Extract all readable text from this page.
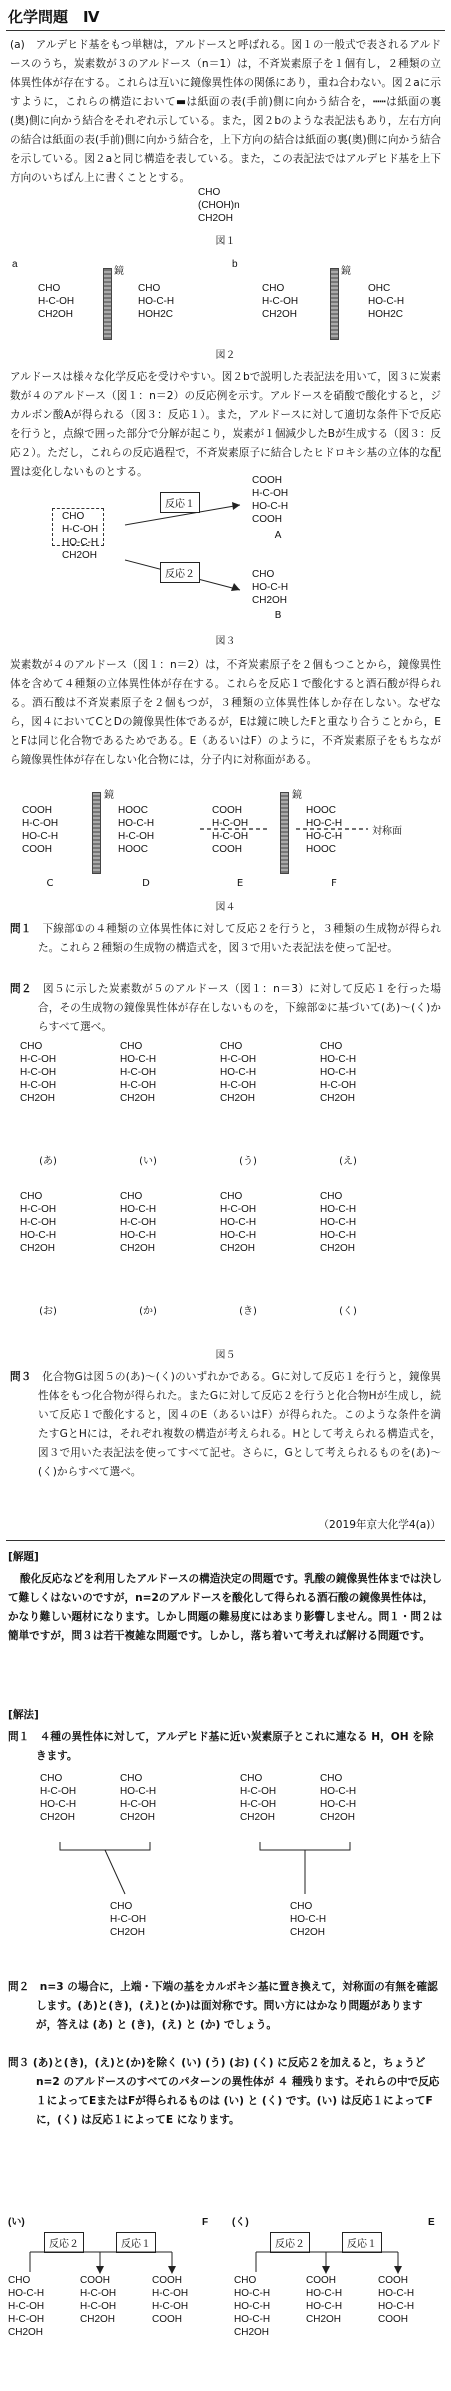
化学問題　Ⅳ
(a)　アルデヒド基をもつ単糖は，アルドースと呼ばれる。図１の一般式で表されるアルドースのうち，炭素数が３のアルドース（n＝1）は，不斉炭素原子を１個有し，２種類の立体異性体が存在する。これらは互いに鏡像異性体の関係にあり，重ね合わない。図２aに示すように，これらの構造において▬は紙面の表(手前)側に向かう結合を，┅┅は紙面の裏(奥)側に向かう結合をそれぞれ示している。また，図２bのような表記法もあり，左右方向の結合は紙面の表(手前)側に向かう結合を，上下方向の結合は紙面の裏(奥)側に向かう結合を示している。図２aと同じ構造を表している。また，この表記法ではアルデヒド基を上下方向のいちばん上に書くこととする。
CHO
(CHOH)n
CH2OH
図１
a	b
CHO
H-C-OH
CH2OH
鏡
CHO
HO-C-H
HOH2C
CHO
H-C-OH
CH2OH
鏡
OHC
HO-C-H
HOH2C
図２
アルドースは様々な化学反応を受けやすい。図２bで説明した表記法を用いて，図３に炭素数が４のアルドース（図１：n＝2）の反応例を示す。アルドースを硝酸で酸化すると，ジカルボン酸Aが得られる（図３：反応１）。また，アルドースに対して適切な条件下で反応を行うと，点線で囲った部分で分解が起こり，炭素が１個減少したBが生成する（図３：反応２）。ただし，これらの反応過程で，不斉炭素原子に結合したヒドロキシ基の立体的な配置は変化しないものとする。
CHO
H-C-OH
HO-C-H
CH2OH
反応１
反応２
COOH
H-C-OH
HO-C-H
COOH
A
CHO
HO-C-H
CH2OH
B
図３
炭素数が４のアルドース（図１：n＝2）は，不斉炭素原子を２個もつことから，鏡像異性体を含めて４種類の立体異性体が存在する。これらを反応１で酸化すると酒石酸が得られる。酒石酸は不斉炭素原子を２個もつが，３種類の立体異性体しか存在しない。なぜなら，図４においてCとDの鏡像異性体であるが，Eは鏡に映したFと重なり合うことから，EとFは同じ化合物であるためである。E（あるいはF）のように，不斉炭素原子をもちながら鏡像異性体が存在しない化合物には，分子内に対称面がある。
COOH
H-C-OH
HO-C-H
COOH
鏡
HOOC
HO-C-H
H-C-OH
HOOC
COOH
H-C-OH
H-C-OH
COOH
鏡
HOOC
HO-C-H
HO-C-H
HOOC
対称面
C	D	E	F
図４
問１　 下線部①の４種類の立体異性体に対して反応２を行うと，３種類の生成物が得られた。これら２種類の生成物の構造式を，図３で用いた表記法を使って記せ。
問２　 図５に示した炭素数が５のアルドース（図１：n＝3）に対して反応１を行った場合，その生成物の鏡像異性体が存在しないものを，下線部②に基づいて(あ)～(く)からすべて選べ。
CHO
H-C-OH
H-C-OH
H-C-OH
CH2OH
(あ)
CHO
HO-C-H
H-C-OH
H-C-OH
CH2OH
(い)
CHO
H-C-OH
HO-C-H
H-C-OH
CH2OH
(う)
CHO
HO-C-H
HO-C-H
H-C-OH
CH2OH
(え)
CHO
H-C-OH
H-C-OH
HO-C-H
CH2OH
(お)
CHO
HO-C-H
H-C-OH
HO-C-H
CH2OH
(か)
CHO
H-C-OH
HO-C-H
HO-C-H
CH2OH
(き)
CHO
HO-C-H
HO-C-H
HO-C-H
CH2OH
(く)
図５
問３　 化合物Gは図５の(あ)～(く)のいずれかである。Gに対して反応１を行うと，鏡像異性体をもつ化合物が得られた。またGに対して反応２を行うと化合物Hが生成し，続いて反応１で酸化すると，図４のE（あるいはF）が得られた。このような条件を満たすGとHには，それぞれ複数の構造が考えられる。Hとして考えられる構造式を，図３で用いた表記法を使ってすべて記せ。さらに，Gとして考えられるものを(あ)～(く)からすべて選べ。
（2019年京大化学4(a)）
[解題]
酸化反応などを利用したアルドースの構造決定の問題です。乳酸の鏡像異性体までは決して難しくはないのですが，n=2のアルドースを酸化して得られる酒石酸の鏡像異性体は，かなり難しい題材になります。しかし問題の難易度にはあまり影響しません。問１・問２は簡単ですが，問３は若干複雑な問題です。しかし，落ち着いて考えれば解ける問題です。
[解法]
問１　４種の異性体に対して，アルデヒド基に近い炭素原子とこれに連なる H，OH を除きます。
CHO
H-C-OH
HO-C-H
CH2OH
CHO
HO-C-H
H-C-OH
CH2OH
CHO
H-C-OH
H-C-OH
CH2OH
CHO
HO-C-H
HO-C-H
CH2OH
CHO
H-C-OH
CH2OH
CHO
HO-C-H
CH2OH
問２　n=3 の場合に，上端・下端の基をカルボキシ基に置き換えて，対称面の有無を確認します。(あ)と(き)，(え)と(か)は面対称です。問い方にはかなり問題がありますが，答えは (あ) と (き)，(え) と (か) でしょう。
問３ (あ)と(き)，(え)と(か)を除く (い) (う) (お) (く) に反応２を加えると，ちょうど n=2 のアルドースのすべてのパターンの異性体が ４ 種残ります。それらの中で反応１によってEまたはFが得られるものは (い) と (く) です。(い) は反応１によってF に，(く) は反応１によってE になります。
(い)	F (く)	E
反応２	反応１	反応２	反応１
CHO
HO-C-H
H-C-OH
H-C-OH
CH2OH
COOH
H-C-OH
H-C-OH
CH2OH
COOH
H-C-OH
H-C-OH
COOH
CHO
HO-C-H
HO-C-H
HO-C-H
CH2OH
COOH
HO-C-H
HO-C-H
CH2OH
COOH
HO-C-H
HO-C-H
COOH
